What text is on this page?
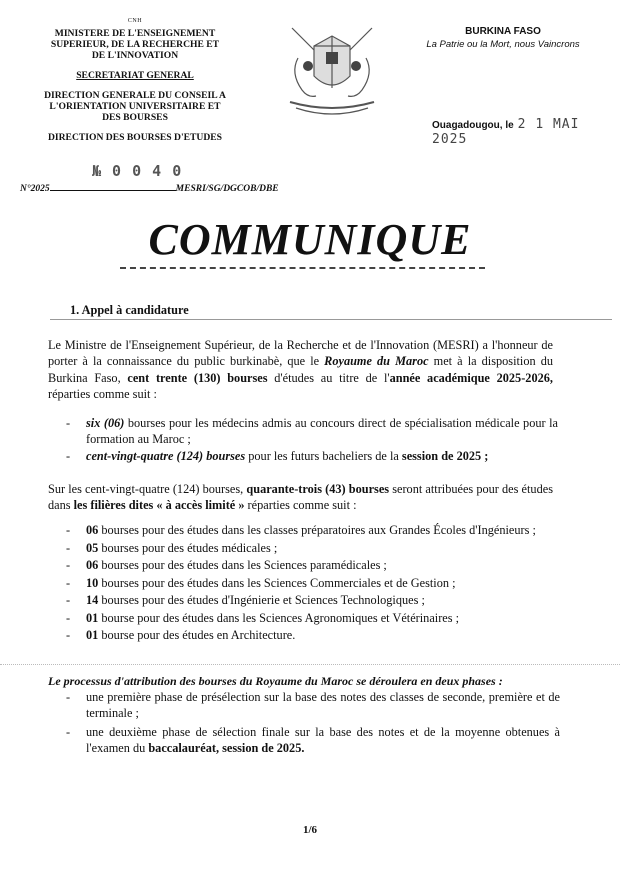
CNH
MINISTERE DE L'ENSEIGNEMENT
SUPERIEUR, DE LA RECHERCHE ET
DE L'INNOVATION
SECRETARIAT GENERAL
DIRECTION GENERALE DU CONSEIL A
L'ORIENTATION UNIVERSITAIRE ET
DES BOURSES
DIRECTION DES BOURSES D'ETUDES
№ 0 0 4 0
BURKINA FASO
La Patrie ou la Mort, nous Vaincrons
Ouagadougou, le 2 1 MAI 2025
N°2025	MESRI/SG/DGCOB/DBE
COMMUNIQUE
1. Appel à candidature
Le Ministre de l'Enseignement Supérieur, de la Recherche et de l'Innovation (MESRI) a l'honneur de porter à la connaissance du public burkinabè, que le Royaume du Maroc met à la disposition du Burkina Faso, cent trente (130) bourses d'études au titre de l'année académique 2025-2026, réparties comme suit :
- six (06) bourses pour les médecins admis au concours direct de spécialisation médicale pour la formation au Maroc ;
- cent-vingt-quatre (124) bourses pour les futurs bacheliers de la session de 2025 ;
Sur les cent-vingt-quatre (124) bourses, quarante-trois (43) bourses seront attribuées pour des études dans les filières dites « à accès limité » réparties comme suit :
- 06 bourses pour des études dans les classes préparatoires aux Grandes Écoles d'Ingénieurs ;
- 05 bourses pour des études médicales ;
- 06 bourses pour des études dans les Sciences paramédicales ;
- 10 bourses pour des études dans les Sciences Commerciales et de Gestion ;
- 14 bourses pour des études d'Ingénierie et Sciences Technologiques ;
- 01 bourse pour des études dans les Sciences Agronomiques et Vétérinaires ;
- 01 bourse pour des études en Architecture.
Le processus d'attribution des bourses du Royaume du Maroc se déroulera en deux phases :
- une première phase de présélection sur la base des notes des classes de seconde, première et de terminale ;
- une deuxième phase de sélection finale sur la base des notes et de la moyenne obtenues à l'examen du baccalauréat, session de 2025.
1/6
